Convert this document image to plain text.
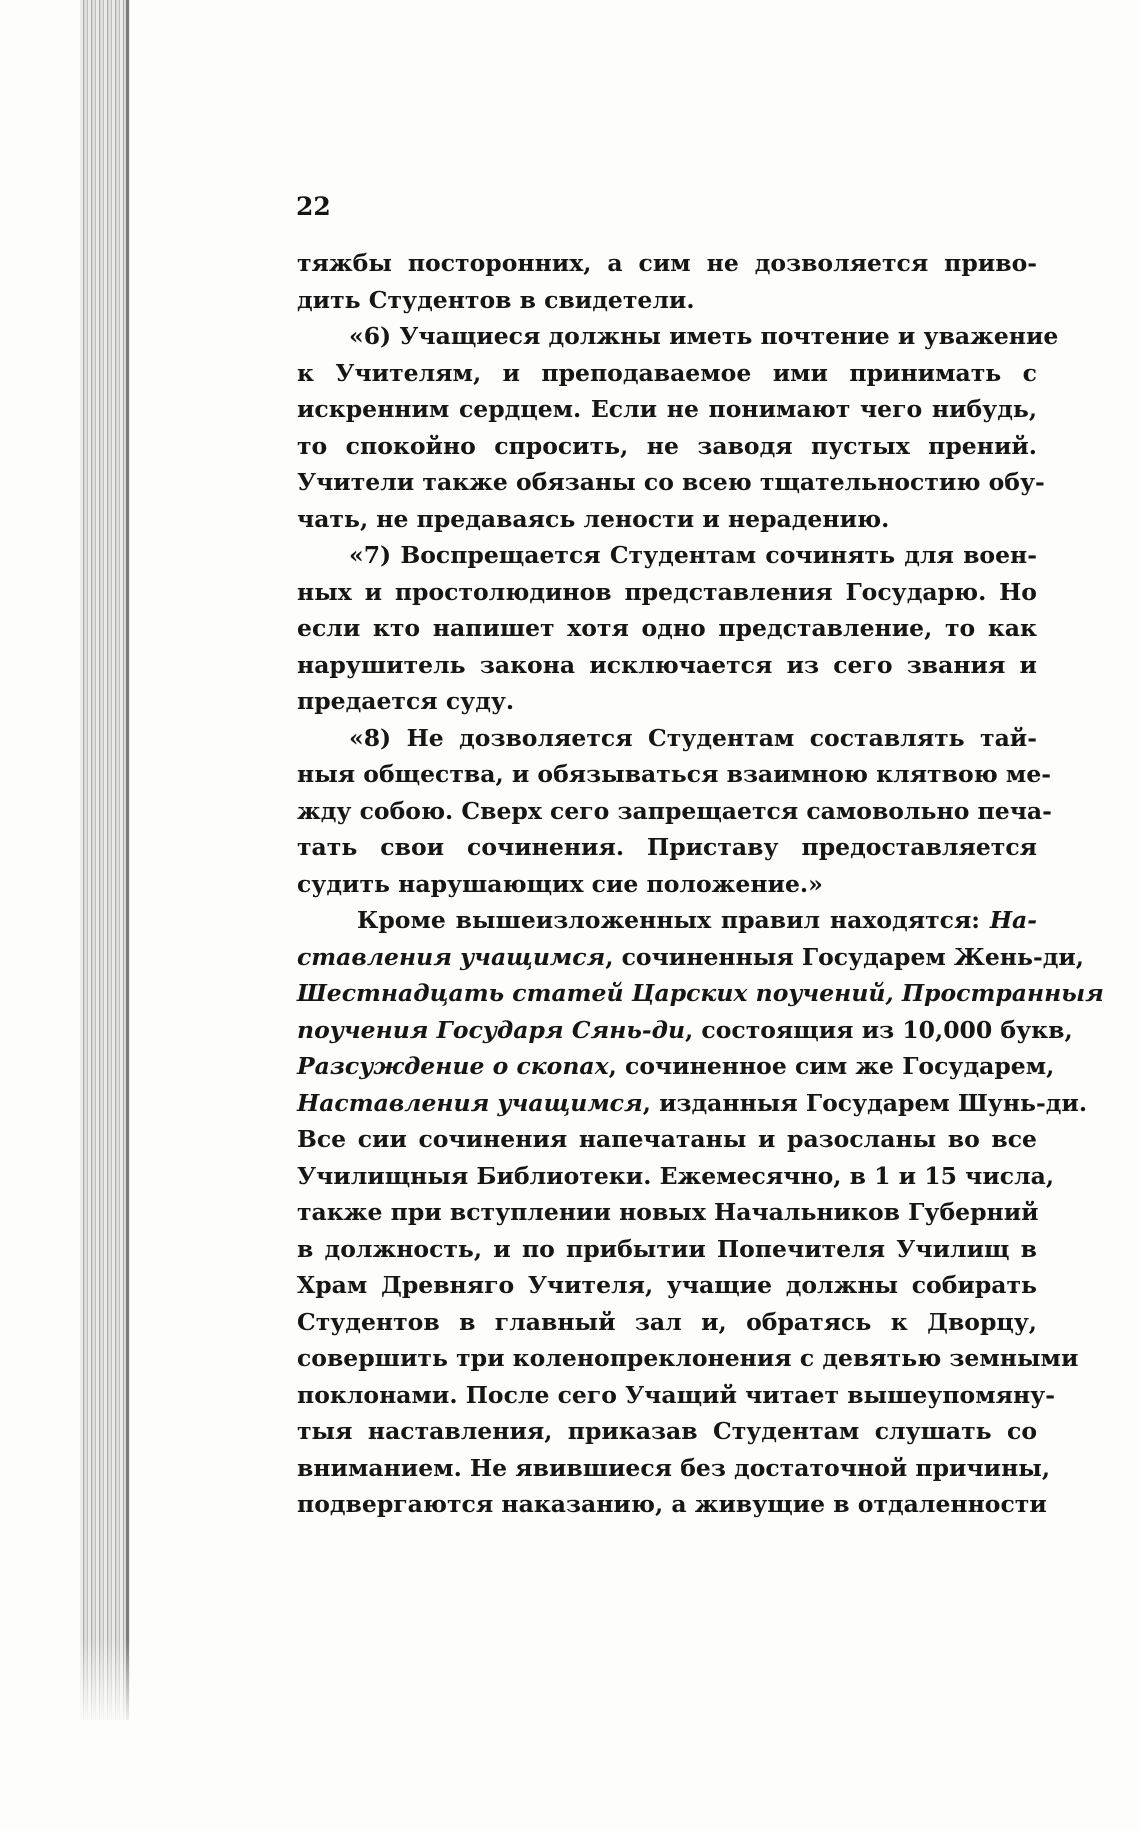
22
тяжбы посторонних, а сим не дозволяется приво-
дить Студентов в свидетели.
«6) Учащиеся должны иметь почтение и уважение
к Учителям, и преподаваемое ими принимать с
искренним сердцем. Если не понимают чего нибудь,
то спокойно спросить, не заводя пустых прений.
Учители также обязаны со всею тщательностию обу-
чать, не предаваясь лености и нерадению.
«7) Воспрещается Студентам сочинять для воен-
ных и простолюдинов представления Государю. Но
если кто напишет хотя одно представление, то как
нарушитель закона исключается из сего звания и
предается суду.
«8) Не дозволяется Студентам составлять тай-
ныя общества, и обязываться взаимною клятвою ме-
жду собою. Сверх сего запрещается самовольно печа-
тать свои сочинения. Приставу предоставляется
судить нарушающих сие положение.»
Кроме вышеизложенных правил находятся: На-
ставления учащимся, сочиненныя Государем Жень-ди,
Шестнадцать статей Царских поучений, Пространныя
поучения Государя Сянь-ди, состоящия из 10,000 букв,
Разсуждение о скопах, сочиненное сим же Государем,
Наставления учащимся, изданныя Государем Шунь-ди.
Все сии сочинения напечатаны и разосланы во все
Училищныя Библиотеки. Ежемесячно, в 1 и 15 числа,
также при вступлении новых Начальников Губерний
в должность, и по прибытии Попечителя Училищ в
Храм Древняго Учителя, учащие должны собирать
Студентов в главный зал и, обратясь к Дворцу,
совершить три коленопреклонения с девятью земными
поклонами. После сего Учащий читает вышеупомяну-
тыя наставления, приказав Студентам слушать со
вниманием. Не явившиеся без достаточной причины,
подвергаются наказанию, а живущие в отдаленности
